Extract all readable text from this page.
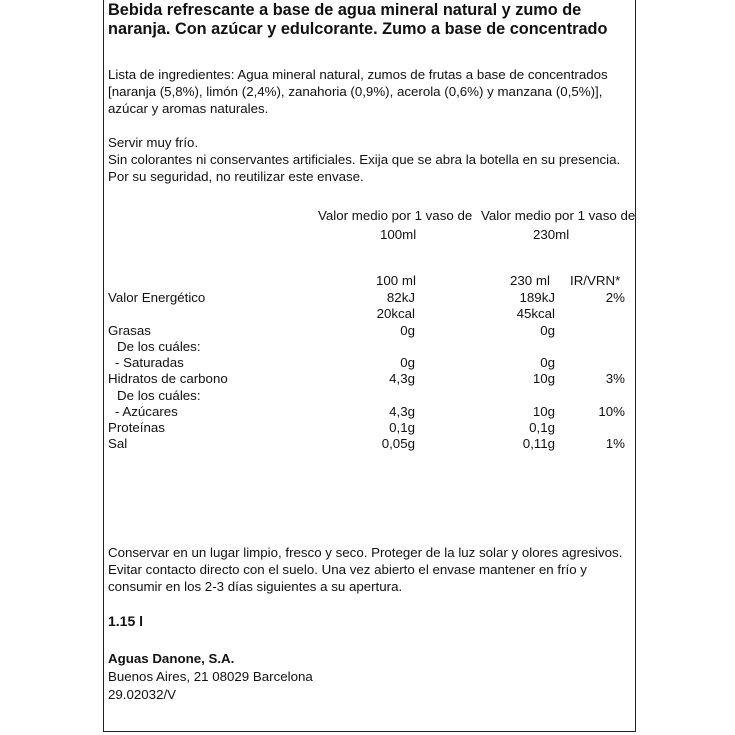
Bebida refrescante a base de agua mineral natural y zumo de naranja. Con azúcar y edulcorante. Zumo a base de concentrado
Lista de ingredientes: Agua mineral natural, zumos de frutas a base de concentrados [naranja (5,8%), limón (2,4%), zanahoria (0,9%), acerola (0,6%) y manzana (0,5%)], azúcar y aromas naturales.
Servir muy frío.
Sin colorantes ni conservantes artificiales. Exija que se abra la botella en su presencia. Por su seguridad, no reutilizar este envase.
Valor medio por 1 vaso de Valor medio por 1 vaso de
100ml	230ml
100 ml	230 ml IR/VRN*
Valor Energético	82kJ	189kJ	2%
20kcal	45kcal
Grasas	0g	0g
De los cuáles:
- Saturadas	0g	0g
Hidratos de carbono	4,3g	10g	3%
De los cuáles:
- Azúcares	4,3g	10g	10%
Proteínas	0,1g	0,1g
Sal	0,05g	0,11g	1%
Conservar en un lugar limpio, fresco y seco. Proteger de la luz solar y olores agresivos. Evitar contacto directo con el suelo. Una vez abierto el envase mantener en frío y consumir en los 2-3 días siguientes a su apertura.
1.15 l
Aguas Danone, S.A.
Buenos Aires, 21 08029 Barcelona
29.02032/V
